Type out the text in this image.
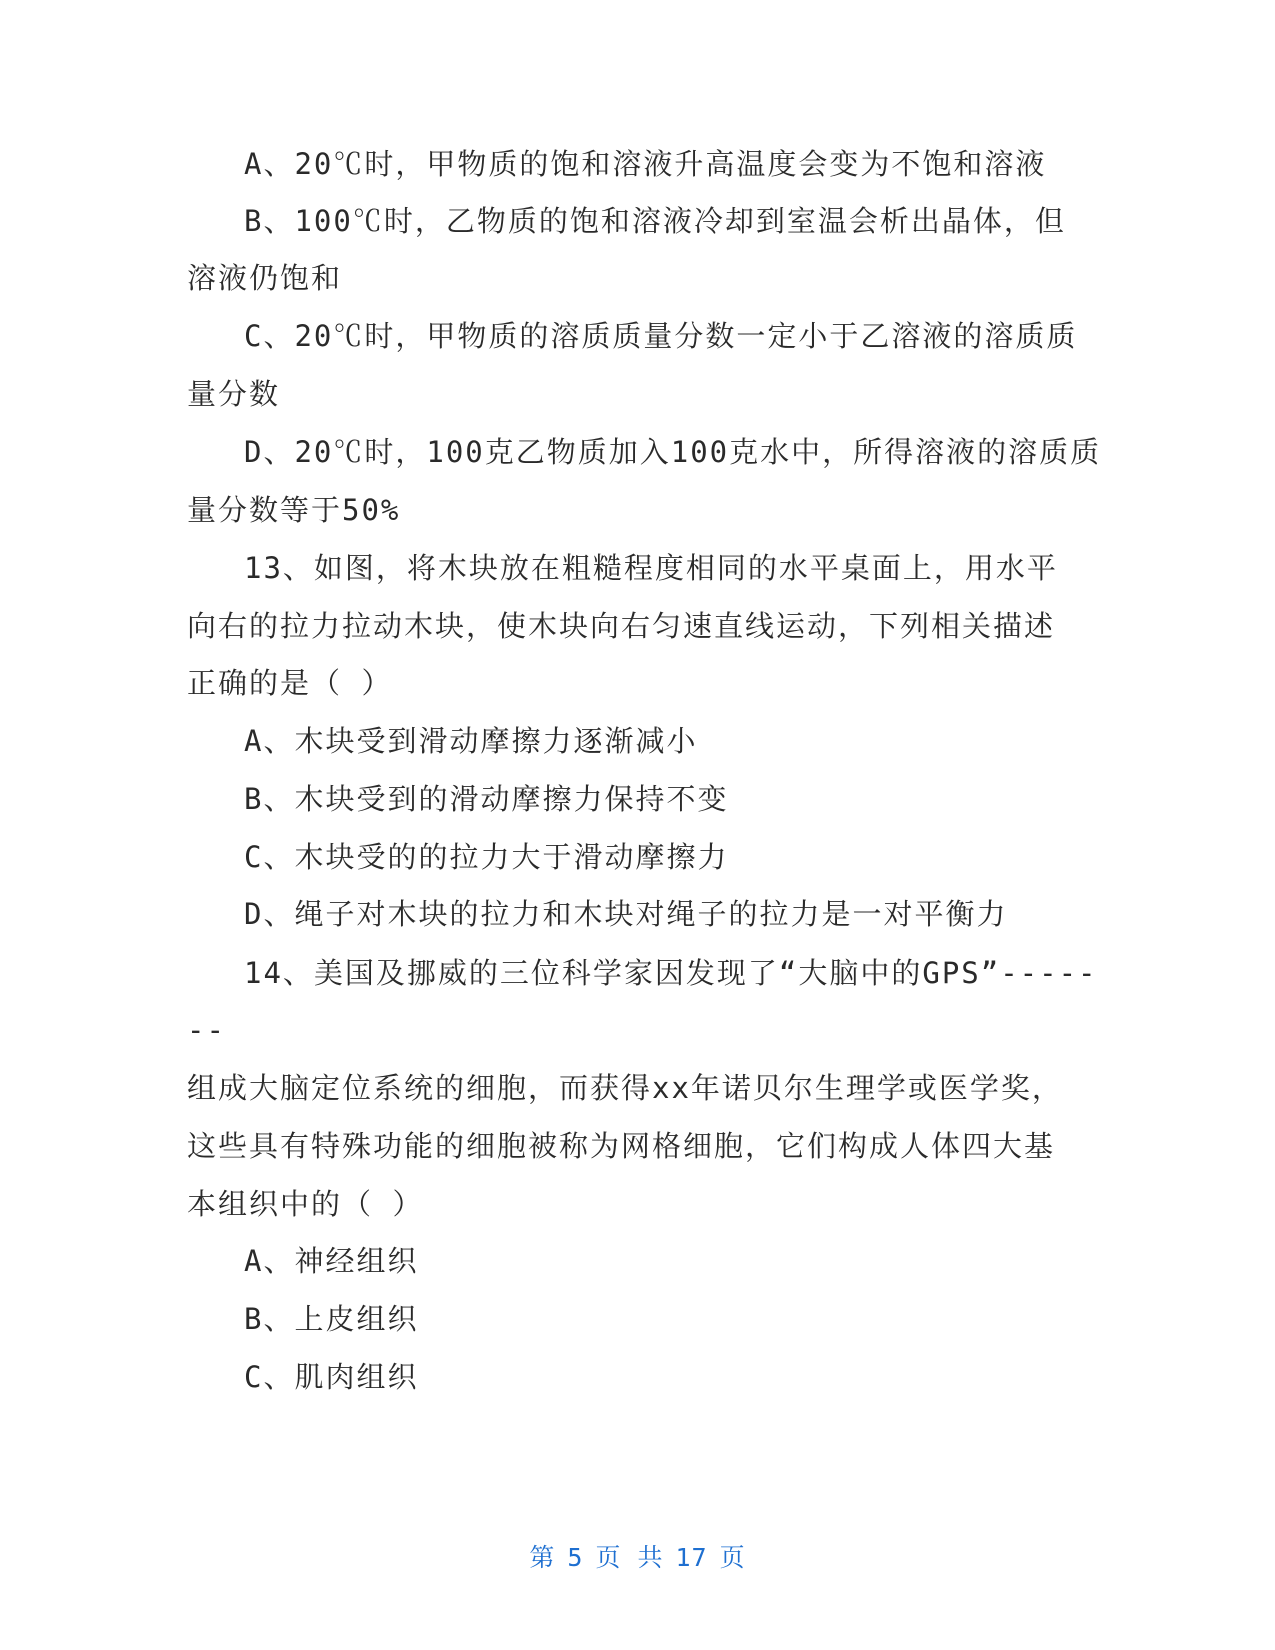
A、20℃时，甲物质的饱和溶液升高温度会变为不饱和溶液

B、100℃时，乙物质的饱和溶液冷却到室温会析出晶体，但

溶液仍饱和

C、20℃时，甲物质的溶质质量分数一定小于乙溶液的溶质质

量分数

D、20℃时，100克乙物质加入100克水中，所得溶液的溶质质

量分数等于50%

13、如图，将木块放在粗糙程度相同的水平桌面上，用水平

向右的拉力拉动木块，使木块向右匀速直线运动，下列相关描述

正确的是（ ）

A、木块受到滑动摩擦力逐渐减小

B、木块受到的滑动摩擦力保持不变

C、木块受的的拉力大于滑动摩擦力

D、绳子对木块的拉力和木块对绳子的拉力是一对平衡力

14、美国及挪威的三位科学家因发现了“大脑中的GPS”-----

--

组成大脑定位系统的细胞，而获得xx年诺贝尔生理学或医学奖，

这些具有特殊功能的细胞被称为网格细胞，它们构成人体四大基

本组织中的（ ）

A、神经组织

B、上皮组织

C、肌肉组织

第 5 页 共 17 页
